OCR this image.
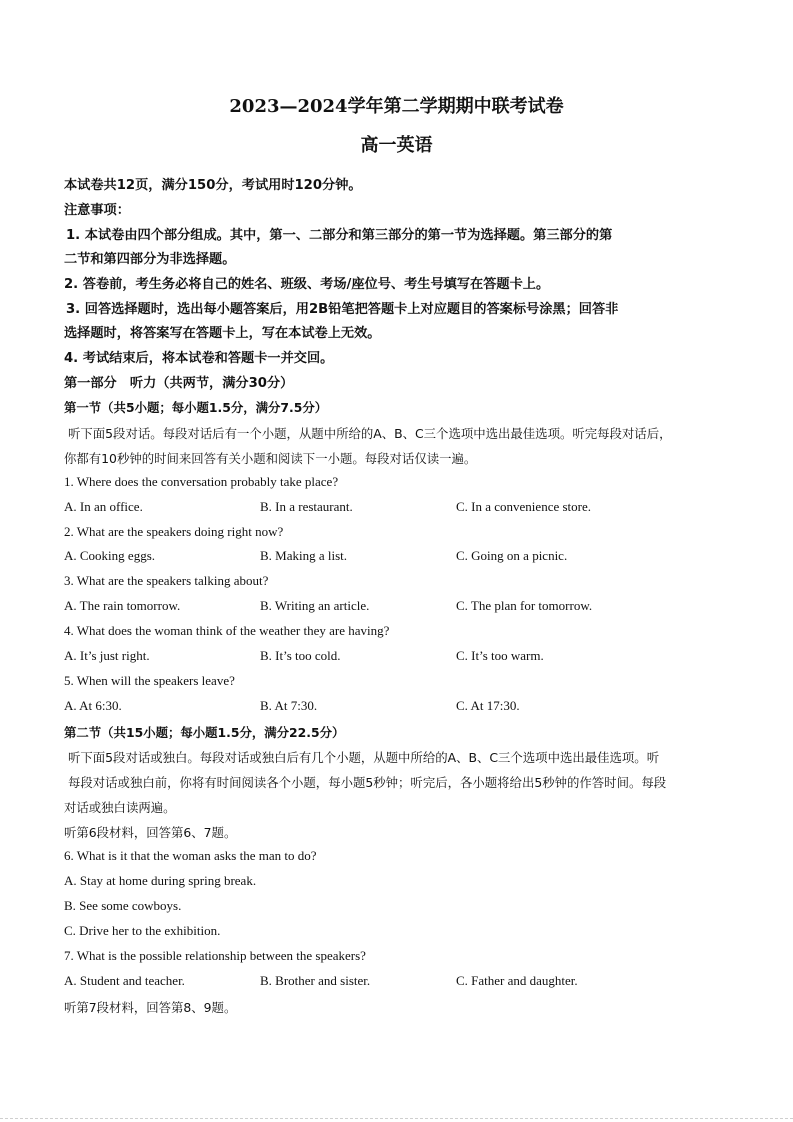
2023—2024学年第二学期期中联考试卷
高一英语
本试卷共12页，满分150分，考试用时120分钟。
注意事项：
1. 本试卷由四个部分组成。其中，第一、二部分和第三部分的第一节为选择题。第三部分的第
二节和第四部分为非选择题。
2. 答卷前，考生务必将自己的姓名、班级、考场/座位号、考生号填写在答题卡上。
3. 回答选择题时，选出每小题答案后，用2B铅笔把答题卡上对应题目的答案标号涂黑；回答非
选择题时，将答案写在答题卡上，写在本试卷上无效。
4. 考试结束后，将本试卷和答题卡一并交回。
第一部分　听力（共两节，满分30分）
第一节（共5小题；每小题1.5分，满分7.5分）
听下面5段对话。每段对话后有一个小题，从题中所给的A、B、C三个选项中选出最佳选项。听完每段对话后，
你都有10秒钟的时间来回答有关小题和阅读下一小题。每段对话仅读一遍。
1. Where does the conversation probably take place?
A. In an office.	B. In a restaurant.	C. In a convenience store.
2. What are the speakers doing right now?
A. Cooking eggs.	B. Making a list.	C. Going on a picnic.
3. What are the speakers talking about?
A. The rain tomorrow.	B. Writing an article.	C. The plan for tomorrow.
4. What does the woman think of the weather they are having?
A. It’s just right.	B. It’s too cold.	C. It’s too warm.
5. When will the speakers leave?
A. At 6:30.	B. At 7:30.	C. At 17:30.
第二节（共15小题；每小题1.5分，满分22.5分）
听下面5段对话或独白。每段对话或独白后有几个小题，从题中所给的A、B、C三个选项中选出最佳选项。听
每段对话或独白前，你将有时间阅读各个小题，每小题5秒钟；听完后，各小题将给出5秒钟的作答时间。每段
对话或独白读两遍。
听第6段材料，回答第6、7题。
6. What is it that the woman asks the man to do?
A. Stay at home during spring break.
B. See some cowboys.
C. Drive her to the exhibition.
7. What is the possible relationship between the speakers?
A. Student and teacher.	B. Brother and sister.	C. Father and daughter.
听第7段材料，回答第8、9题。
